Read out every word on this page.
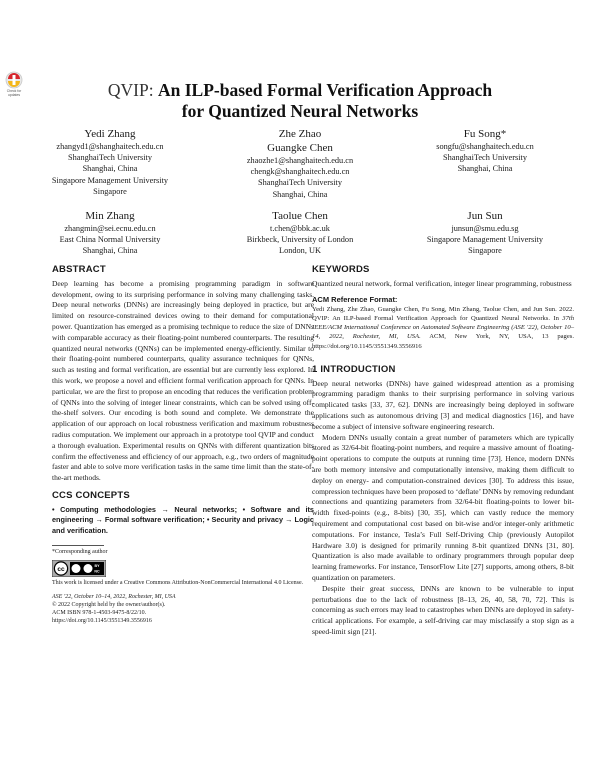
Check for updates	QVIP: An ILP-based Formal Verification Approach
for Quantized Neural Networks
Yedi Zhang
zhangyd1@shanghaitech.edu.cn
ShanghaiTech University
Shanghai, China
Singapore Management University
Singapore
Zhe Zhao
Guangke Chen
zhaozhe1@shanghaitech.edu.cn
chengk@shanghaitech.edu.cn
ShanghaiTech University
Shanghai, China
Fu Song*
songfu@shanghaitech.edu.cn
ShanghaiTech University
Shanghai, China
Min Zhang
zhangmin@sei.ecnu.edu.cn
East China Normal University
Shanghai, China
Taolue Chen
t.chen@bbk.ac.uk
Birkbeck, University of London
London, UK
Jun Sun
junsun@smu.edu.sg
Singapore Management University
Singapore
ABSTRACT

Deep learning has become a promising programming paradigm in software development, owing to its surprising performance in solving many challenging tasks. Deep neural networks (DNNs) are increasingly being deployed in practice, but are limited on resource-constrained devices owing to their demand for computational power. Quantization has emerged as a promising technique to reduce the size of DNNs with comparable accuracy as their floating-point numbered counterparts. The resulting quantized neural networks (QNNs) can be implemented energy-efficiently. Similar to their floating-point numbered counterparts, quality assurance techniques for QNNs, such as testing and formal verification, are essential but are currently less explored. In this work, we propose a novel and efficient formal verification approach for QNNs. In particular, we are the first to propose an encoding that reduces the verification problem of QNNs into the solving of integer linear constraints, which can be solved using off-the-shelf solvers. Our encoding is both sound and complete. We demonstrate the application of our approach on local robustness verification and maximum robustness radius computation. We implement our approach in a prototype tool QVIP and conduct a thorough evaluation. Experimental results on QNNs with different quantization bits confirm the effectiveness and efficiency of our approach, e.g., two orders of magnitude faster and able to solve more verification tasks in the same time limit than the state-of-the-art methods.

CCS CONCEPTS
• Computing methodologies → Neural networks; • Software and its engineering → Formal software verification; • Security and privacy → Logic and verification.
*Corresponding author
cc	BY
NC
This work is licensed under a Creative Commons Attribution-NonCommercial International 4.0 License.
ASE '22, October 10–14, 2022, Rochester, MI, USA
© 2022 Copyright held by the owner/author(s).
ACM ISBN 978-1-4503-9475-8/22/10.
https://doi.org/10.1145/3551349.3556916
KEYWORDS

Quantized neural network, formal verification, integer linear programming, robustness

ACM Reference Format:
Yedi Zhang, Zhe Zhao, Guangke Chen, Fu Song, Min Zhang, Taolue Chen, and Jun Sun. 2022. QVIP: An ILP-based Formal Verification Approach for Quantized Neural Networks. In 37th IEEE/ACM International Conference on Automated Software Engineering (ASE '22), October 10–14, 2022, Rochester, MI, USA. ACM, New York, NY, USA, 13 pages. https://doi.org/10.1145/3551349.3556916
1 INTRODUCTION

Deep neural networks (DNNs) have gained widespread attention as a promising programming paradigm thanks to their surprising performance in solving various complicated tasks [33, 37, 62]. DNNs are increasingly being deployed in software applications such as autonomous driving [3] and medical diagnostics [16], and have become a subject of intensive software engineering research.

Modern DNNs usually contain a great number of parameters which are typically stored as 32/64-bit floating-point numbers, and require a massive amount of floating-point operations to compute the outputs at running time [73]. Hence, modern DNNs are both memory intensive and computationally intensive, making them difficult to deploy on energy- and computation-constrained devices [30]. To address this issue, compression techniques have been proposed to ‘deflate’ DNNs by removing redundant connections and quantizing parameters from 32/64-bit floating-points to lower bit-width fixed-points (e.g., 8-bits) [30, 35], which can vastly reduce the memory requirement and computational cost based on bit-wise and/or integer-only arithmetic computations. For instance, Tesla’s Full Self-Driving Chip (previously Autopilot Hardware 3.0) is designed for primarily running 8-bit quantized DNNs [31, 80]. Quantization is also made available to ordinary programmers through popular deep learning frameworks. For instance, TensorFlow Lite [27] supports, among others, 8-bit quantization on parameters.

Despite their great success, DNNs are known to be vulnerable to input perturbations due to the lack of robustness [8–13, 26, 40, 58, 70, 72]. This is concerning as such errors may lead to catastrophes when DNNs are deployed in safety-critical applications. For example, a self-driving car may misclassify a stop sign as a speed-limit sign [21].
